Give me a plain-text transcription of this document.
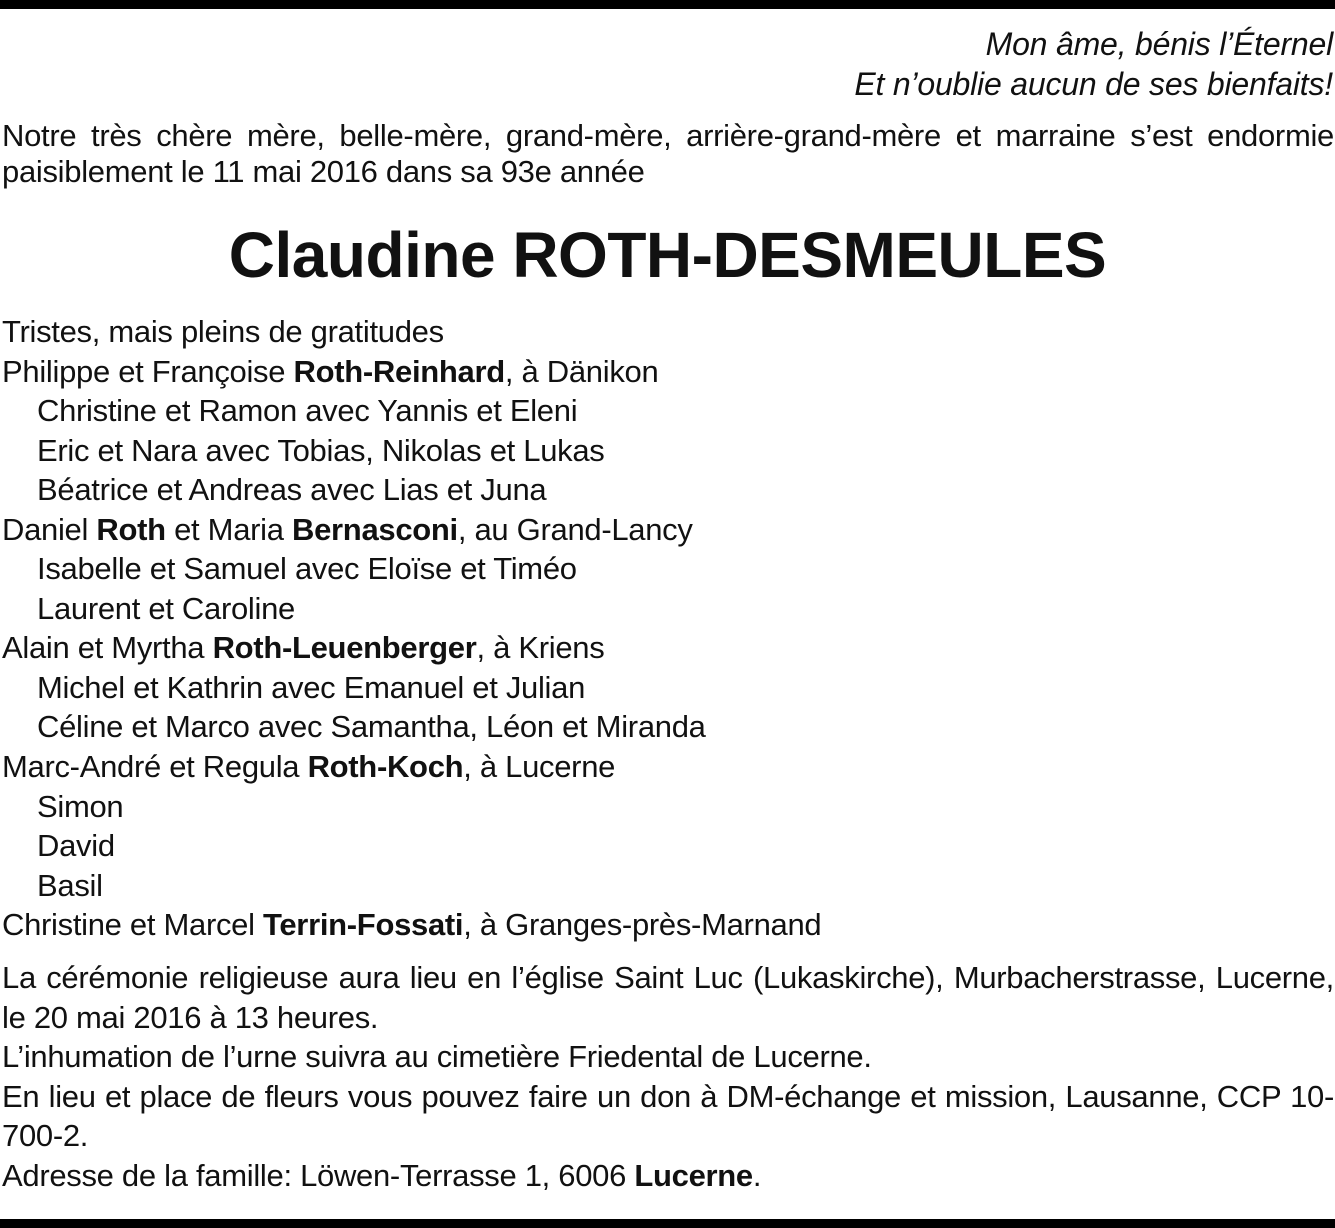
Mon âme, bénis l’Éternel
Et n’oublie aucun de ses bienfaits!
Notre très chère mère, belle-mère, grand-mère, arrière-grand-mère et marraine s’est endormie paisiblement le 11 mai 2016 dans sa 93e année
Claudine ROTH-DESMEULES
Tristes, mais pleins de gratitudes
Philippe et Françoise Roth-Reinhard, à Dänikon
Christine et Ramon avec Yannis et Eleni
Eric et Nara avec Tobias, Nikolas et Lukas
Béatrice et Andreas avec Lias et Juna
Daniel Roth et Maria Bernasconi, au Grand-Lancy
Isabelle et Samuel avec Eloïse et Timéo
Laurent et Caroline
Alain et Myrtha Roth-Leuenberger, à Kriens
Michel et Kathrin avec Emanuel et Julian
Céline et Marco avec Samantha, Léon et Miranda
Marc-André et Regula Roth-Koch, à Lucerne
Simon
David
Basil
Christine et Marcel Terrin-Fossati, à Granges-près-Marnand

La cérémonie religieuse aura lieu en l’église Saint Luc (Lukaskirche), Murbacherstrasse, Lucerne, le 20 mai 2016 à 13 heures.

L’inhumation de l’urne suivra au cimetière Friedental de Lucerne.

En lieu et place de fleurs vous pouvez faire un don à DM-échange et mission, Lausanne, CCP 10-700-2.

Adresse de la famille: Löwen-Terrasse 1, 6006 Lucerne.
